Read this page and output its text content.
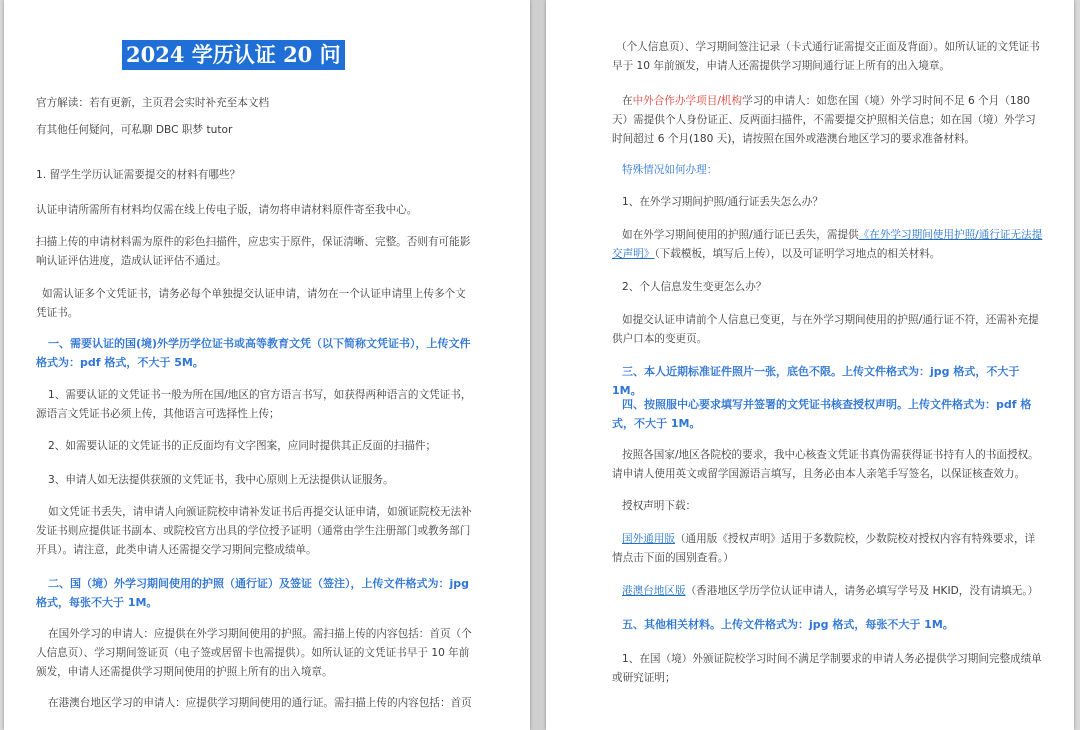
2024 学历认证 20 问

官方解读：若有更新，主页君会实时补充至本文档

有其他任何疑问，可私聊 DBC 职梦 tutor

1. 留学生学历认证需要提交的材料有哪些？

认证申请所需所有材料均仅需在线上传电子版，请勿将申请材料原件寄至我中心。

扫描上传的申请材料需为原件的彩色扫描件，应忠实于原件，保证清晰、完整。否则有可能影响认证评估进度，造成认证评估不通过。

如需认证多个文凭证书，请务必每个单独提交认证申请，请勿在一个认证申请里上传多个文凭证书。

一、需要认证的国(境)外学历学位证书或高等教育文凭（以下简称文凭证书），上传文件格式为：pdf 格式，不大于 5M。

1、需要认证的文凭证书一般为所在国/地区的官方语言书写，如获得两种语言的文凭证书，源语言文凭证书必须上传，其他语言可选择性上传；

2、如需要认证的文凭证书的正反面均有文字图案，应同时提供其正反面的扫描件；

3、申请人如无法提供获颁的文凭证书，我中心原则上无法提供认证服务。

如文凭证书丢失，请申请人向颁证院校申请补发证书后再提交认证申请，如颁证院校无法补发证书则应提供证书副本、或院校官方出具的学位授予证明（通常由学生注册部门或教务部门开具）。请注意，此类申请人还需提交学习期间完整成绩单。

二、国（境）外学习期间使用的护照（通行证）及签证（签注），上传文件格式为：jpg 格式，每张不大于 1M。

在国外学习的申请人：应提供在外学习期间使用的护照。需扫描上传的内容包括：首页（个人信息页）、学习期间签证页（电子签或居留卡也需提供）。如所认证的文凭证书早于 10 年前颁发，申请人还需提供学习期间使用的护照上所有的出入境章。

在港澳台地区学习的申请人：应提供学习期间使用的通行证。需扫描上传的内容包括：首页

（个人信息页）、学习期间签注记录（卡式通行证需提交正面及背面）。如所认证的文凭证书早于 10 年前颁发，申请人还需提供学习期间通行证上所有的出入境章。

在中外合作办学项目/机构学习的申请人：如您在国（境）外学习时间不足 6 个月（180 天）需提供个人身份证正、反两面扫描件，不需要提交护照相关信息；如在国（境）外学习时间超过 6 个月(180 天)，请按照在国外或港澳台地区学习的要求准备材料。

特殊情况如何办理：

1、在外学习期间护照/通行证丢失怎么办？

如在外学习期间使用的护照/通行证已丢失，需提供《在外学习期间使用护照/通行证无法提交声明》（下载模板，填写后上传），以及可证明学习地点的相关材料。

2、个人信息发生变更怎么办？

如提交认证申请前个人信息已变更，与在外学习期间使用的护照/通行证不符，还需补充提供户口本的变更页。

三、本人近期标准证件照片一张，底色不限。上传文件格式为：jpg 格式，不大于 1M。

四、按照服中心要求填写并签署的文凭证书核查授权声明。上传文件格式为：pdf 格式，不大于 1M。

按照各国家/地区各院校的要求，我中心核查文凭证书真伪需获得证书持有人的书面授权。请申请人使用英文或留学国源语言填写，且务必由本人亲笔手写签名，以保证核查效力。

授权声明下载：

国外通用版（通用版《授权声明》适用于多数院校，少数院校对授权内容有特殊要求，详情点击下面的国别查看。）

港澳台地区版（香港地区学历学位认证申请人，请务必填写学号及 HKID，没有请填无。）

五、其他相关材料。上传文件格式为：jpg 格式，每张不大于 1M。

1、在国（境）外颁证院校学习时间不满足学制要求的申请人务必提供学习期间完整成绩单或研究证明；
